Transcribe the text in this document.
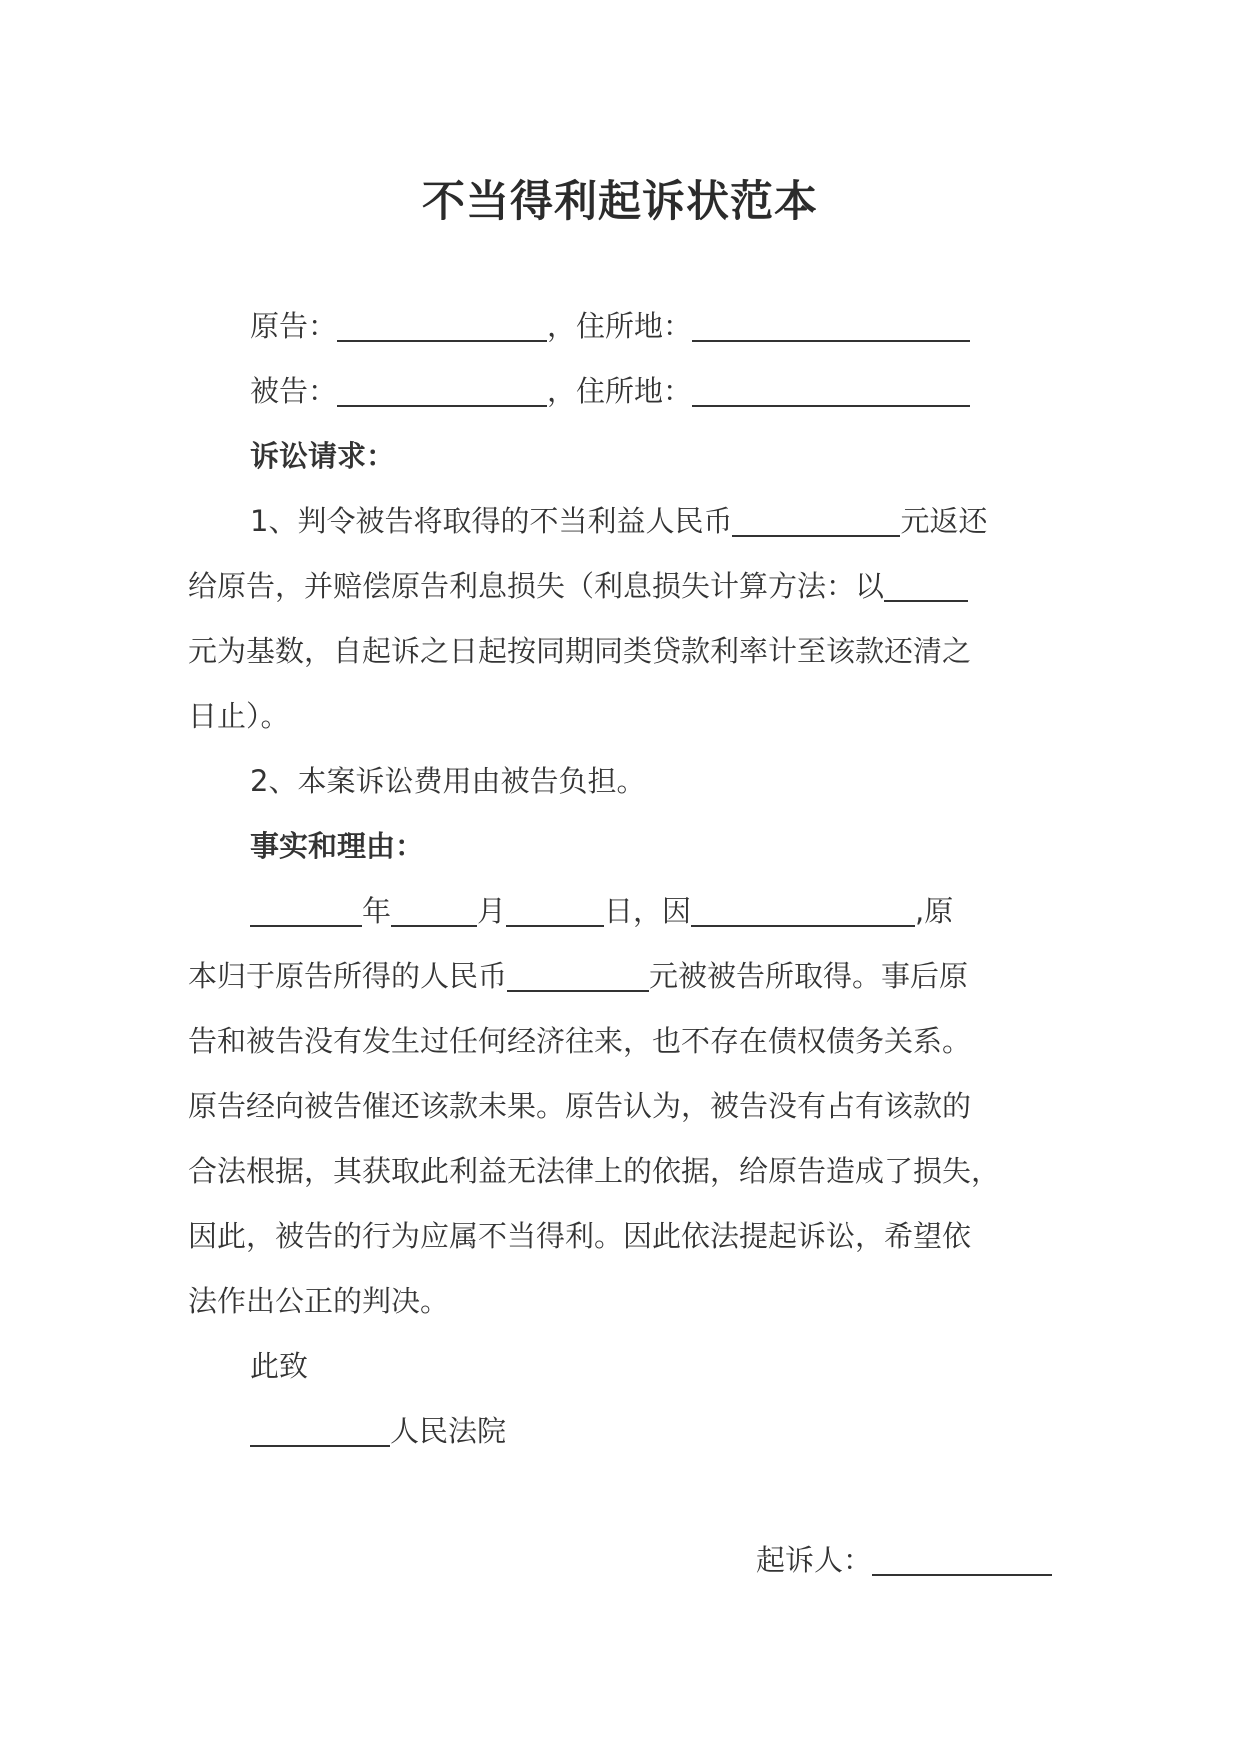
不当得利起诉状范本
原告：	，住所地：
被告：	，住所地：
诉讼请求：
1、判令被告将取得的不当利益人民币	元返还
给原告，并赔偿原告利息损失（利息损失计算方法：以
元为基数，自起诉之日起按同期同类贷款利率计至该款还清之
日止）。
2、本案诉讼费用由被告负担。
事实和理由：
年	月	日，因	,原
本归于原告所得的人民币	元被被告所取得。事后原
告和被告没有发生过任何经济往来，也不存在债权债务关系。
原告经向被告催还该款未果。原告认为，被告没有占有该款的
合法根据，其获取此利益无法律上的依据，给原告造成了损失，
因此，被告的行为应属不当得利。因此依法提起诉讼，希望依
法作出公正的判决。
此致
人民法院
起诉人：
